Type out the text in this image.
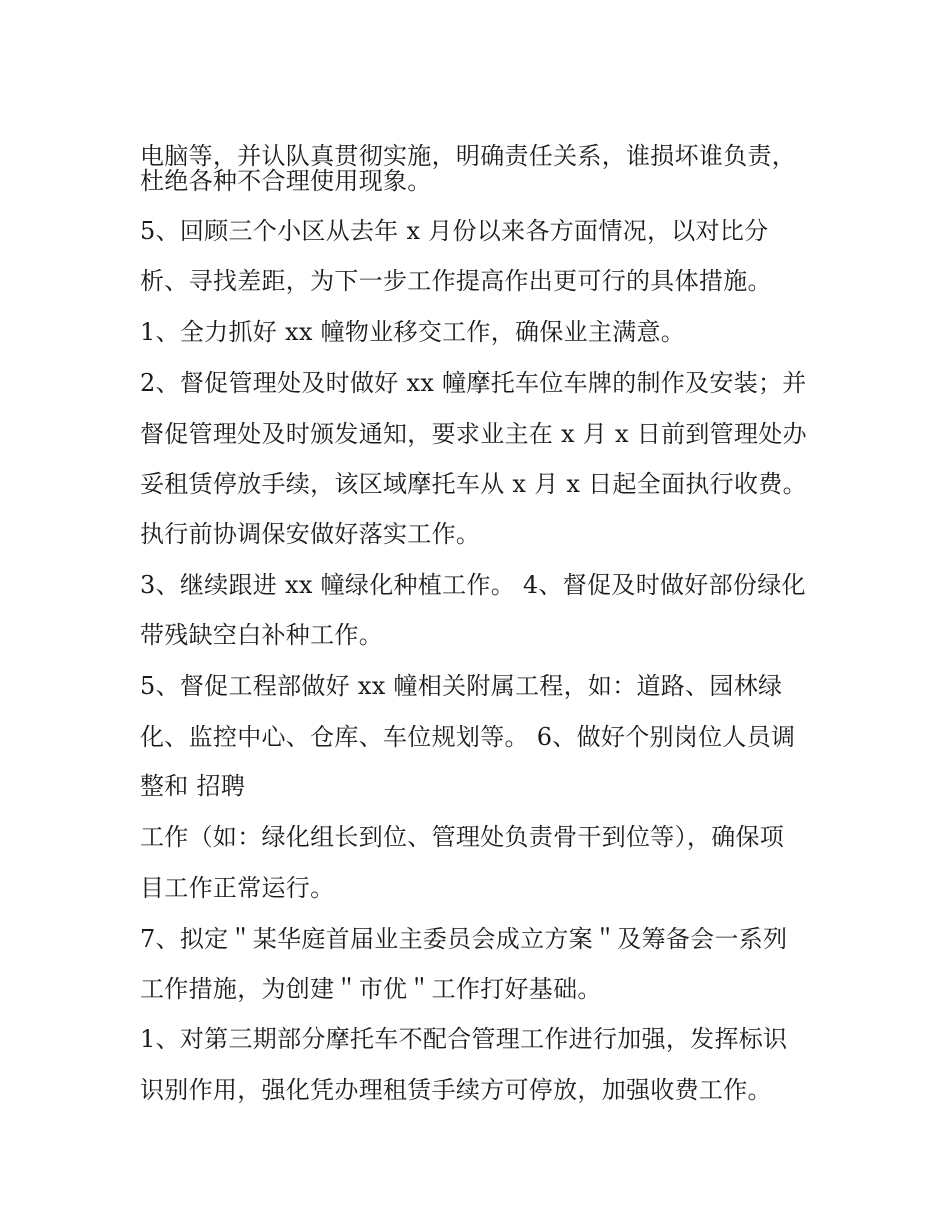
电脑等，并认队真贯彻实施，明确责任关系，谁损坏谁负责，
杜绝各种不合理使用现象。
5、回顾三个小区从去年 x 月份以来各方面情况，以对比分
析、寻找差距，为下一步工作提高作出更可行的具体措施。
1、全力抓好 xx 幢物业移交工作，确保业主满意。
2、督促管理处及时做好 xx 幢摩托车位车牌的制作及安装；并
督促管理处及时颁发通知，要求业主在 x 月 x 日前到管理处办
妥租赁停放手续，该区域摩托车从 x 月 x 日起全面执行收费。
执行前协调保安做好落实工作。
3、继续跟进 xx 幢绿化种植工作。 4、督促及时做好部份绿化
带残缺空白补种工作。
5、督促工程部做好 xx 幢相关附属工程，如：道路、园林绿
化、监控中心、仓库、车位规划等。 6、做好个别岗位人员调
整和 招聘
工作（如：绿化组长到位、管理处负责骨干到位等），确保项
目工作正常运行。
7、拟定＂某华庭首届业主委员会成立方案＂及筹备会一系列
工作措施，为创建＂市优＂工作打好基础。
1、对第三期部分摩托车不配合管理工作进行加强，发挥标识
识别作用，强化凭办理租赁手续方可停放，加强收费工作。
